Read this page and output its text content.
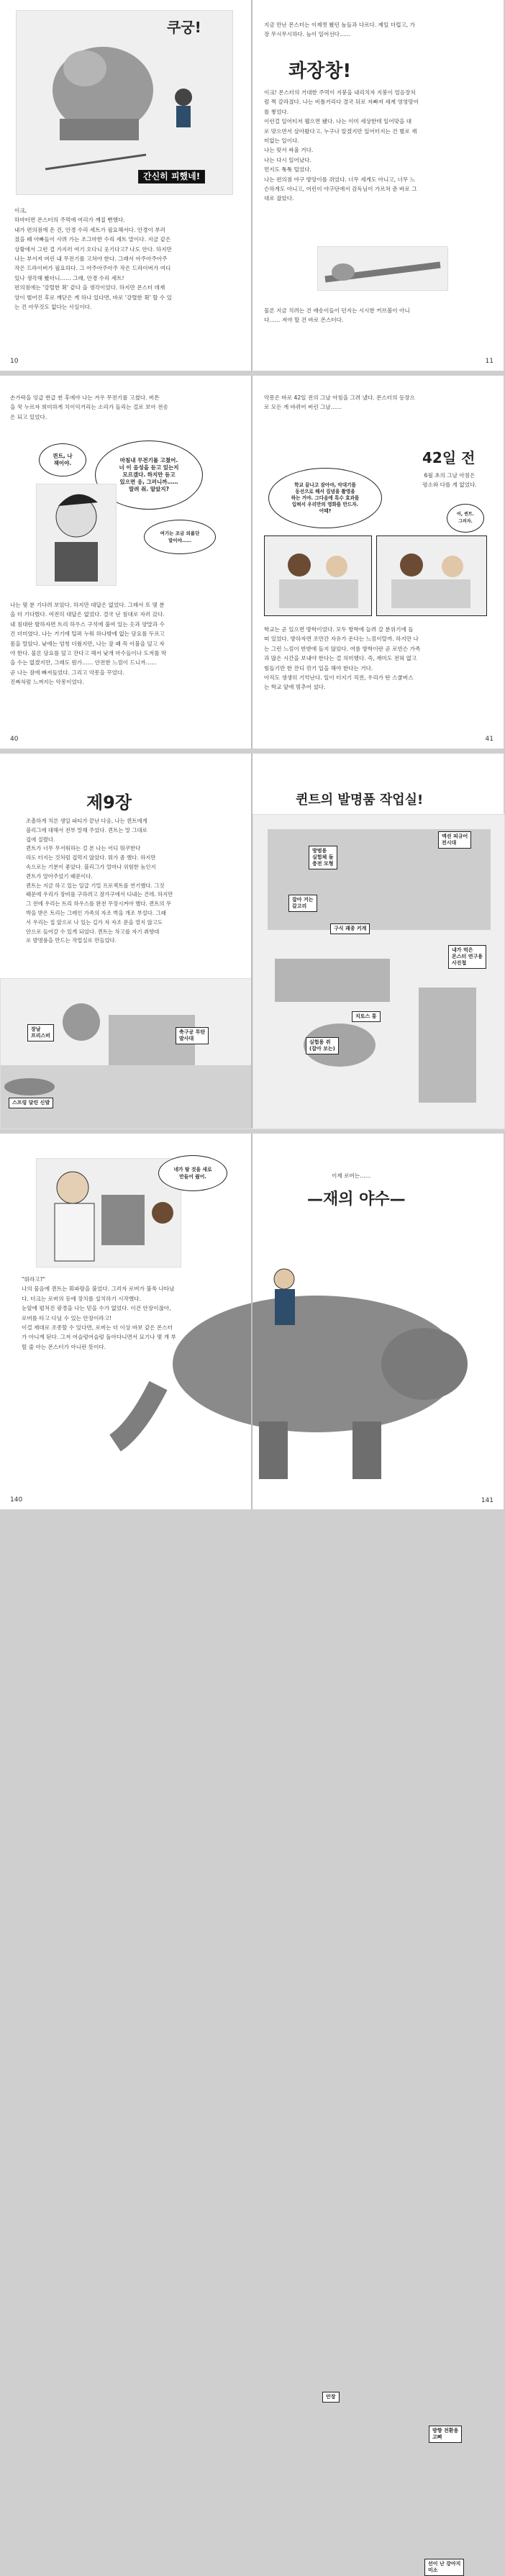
쿠궁!
간신히 피했네!
이크,
하마터면 몬스터의 주먹에 여리가 깨질 뻔했다.
내가 편의점에 온 건, 안경 수리 세트가 필요해서다. 안경이 부러
졌을 때 아빠들이 사려 가는 조그마한 수리 세트 말이다. 지금 같은
상황에서 그런 걸 가지러 여기 오다니 웃기다고? 나도 안다. 하지만
나는 부서져 버린 내 무전기를 고쳐야 한다. 그래서 아주아주아주
작은 드라이버가 필요하다. 그 아주아주아주 작은 드라이버가 여디
있나 생각해 봤더니…… 그래, 안경 수리 세트!
편의점에는 '강렬한 휙' 같다 을 생각이었다. 하지만 몬스터 데재
앙이 벌어진 후로 깨닫은 게 하나 있다면, 바로 '강렬한 휙' 할 수 있
는 건 아무것도 없다는 사실이다.
10
지금 만난 몬스터는 이제껏 봤던 놈들과 다르다. 제일 더럽고, 가
장 무시무시하다. 늪이 일어선다……
콰장창!
이크! 몬스터의 거대한 주먹이 지붕을 내리치자 지붕이 얼음장처
럼 쩍 갈라졌다. 나는 비틀거리다 결국 뒤로 자빠져 세계 영영망어
를 찧었다.
이런걸 일어티저 웹으면 됐다. 나는 이미 세상한테 일어맞을 대
로 맞으면서 살아왔다고. 누구나 알겠지만 일어터지는 건 별로 재
미없는 일이다.
나는 맞서 싸울 거다.
나는 다시 일어났다.
먼지도 툭툭 털었다.
나는 편의점 야구 방망이를 쥐었다. 너무 세게도 아니고, 너무 느
슨하게도 아니고, 어린이 야구단에서 감독님이 가르쳐 준 바로 그
대로 잡았다.
물론 지금 치려는 건 애송이들이 던지는 시시한 커브볼이 아니
다…… 저야 할 건 바로 몬스터다.
11
손가락을 잉급 번급 썬 후에야 나는 겨우 무전기를 고쳤다. 버튼
을 꾹 누르자 희미하게 치이익거리는 소리가 들리는 걸로 보아 전송
은 되고 있었다.
퀸트, 나
잭이야.	마침내 무전기를 고쳤어.
너 이 음성을 듣고 있는지
모르겠다. 하지만 듣고
있으면 응, 그러니까……
말려 줘. 알았지?
여기는 조금 외롭단
말이야……
나는 몇 분 기다려 보았다. 하지만 대답은 없었다. 그래서 또 몇 분
을 더 기다렸다. 여전히 대답은 없었다. 결국 난 침대로 자러 갔다.
내 침대란 발하자면 트리 하우스 구석에 불여 있는 옷과 양말과 수
건 더미였다. 나는 거기에 털퍼 누워 하나밖에 없는 담요를 두르고
몸을 말았다. 낮에는 엄청 더웠지만, 나는 잘 때 꼭 이불을 덮고 자
야 한다. 물론 담요를 덮고 잔다고 해서 낮개 마수들이나 도저를 막
을 수는 없겠지만, 그래도 뭔가…… 안전한 느낌이 드니까……
곧 나는 잠에 빠져들었다. 그리고 악몽을 꾸었다.
진짜처럼 느껴지는 악몽이었다.
40
악몽은 바로 42일 전의 그날 아침을 그려 냈다. 몬스터의 등장으
로 모든 게 바뀌어 버린 그날……
42일 전
6월 초의 그날 아침은
평소와 다를 게 없었다.
학교 끝나고 잠아야, 악대기를
동선으로 해서 집념을 촬영을
하는 거야. 그다음에 특수 효과를
입혀서 우리만의 영화를 만드자.
어때?
어, 퀸트.
그러자.
학교는 곧 있으면 방학이었다. 모두 방학에 늘려 갈 분위기에 들
떠 있었다. 방하자면 조만간 자유가 온다는 느낌이랄까. 하지만 나
는 그런 느낌이 반받에 들지 않았다. 여름 방학이란 곧 로빈슨 가족
과 많은 시간을 보내야 한다는 걸 의미했다. 즉, 재미도 전혀 없고
힘들기만 한 잔디 깎기 일을 해야 한다는 거다.
아직도 생생히 기억난다. 일이 터지기 직전, 우리가 탄 스쿨버스
는 학교 앞에 멈추어 섰다.
41
제9장
조촐하게 치른 생일 파티가 끝난 다음, 나는 퀸트에게
블리그에 대해서 전부 말해 주었다. 퀸트는 말 그대로
겁에 질렸다.
퀸트가 너무 무서워하는 걸 본 나는 어디 뭐쿠한다
라도 터지는 것처럼 겁먹지 않았다. 뭐가 좀 했다. 하지만
속으로는 기분이 좋았다. 블리그가 얼마나 위험한 놈인지
퀸트가 알아주었기 때문이다.
퀸트는 지금 하고 있는 일급 기밀 프로젝트를 연기했다. 그것
때문에 우리가 장비를 구하려고 잠가구에서 디내는 건데. 하지만
그 전에 우리는 트리 하우스를 완전 무장시켜야 했다. 퀸트의 무
박을 받은 트리는 그레인 가족의 자조 벽을 개조 부설다. 그래
서 우리는 집 앞으로 나 있는 길가 자 자조 문을 열지 않고도
안으로 들어갈 수 있게 되었다. 퀸트는 차고를 자기 취향대
로 발명품을 만드는 작업실로 만들었다.
장남
프리스비
스프링 달린 신발
축구공 투탄
발사대
퀸트의 발명품 작업실!
방범용
실험체 돌
충전 모형
액션 피규어
전시대
잡아 거는
갈고리
구식 괘종 커계
내가 먹은
몬스터 연구용
사진첩
치토스 통
실험용 쥐
(잡아 보는)
네가 탈 것을 새로
만들어 줬어.
"뭐라고?"
나의 물음에 퀸트는 휘파람을 불었다. 그러자 로버가 불쑥 나타났
다. 더크는 로버의 등에 장치를 설치하기 시작했다.
눈앞에 펼쳐진 광경을 나는 믿을 수가 없었다. 이건 안장이잖아,
로버를 타고 다닐 수 있는 안장이라고!
이걸 제대로 조종할 수 있다면, 로버는 더 이상 바보 같은 몬스터
가 아니게 된다. 그저 어슬렁어슬렁 돌아다니면서 묘기나 몇 개 부
릴 줄 아는 몬스터가 아니란 뜻이다.
140
이제 로버는……
—재의 야수—
안장
방향 전환용
고삐
선이 난 강아지
미소
141
